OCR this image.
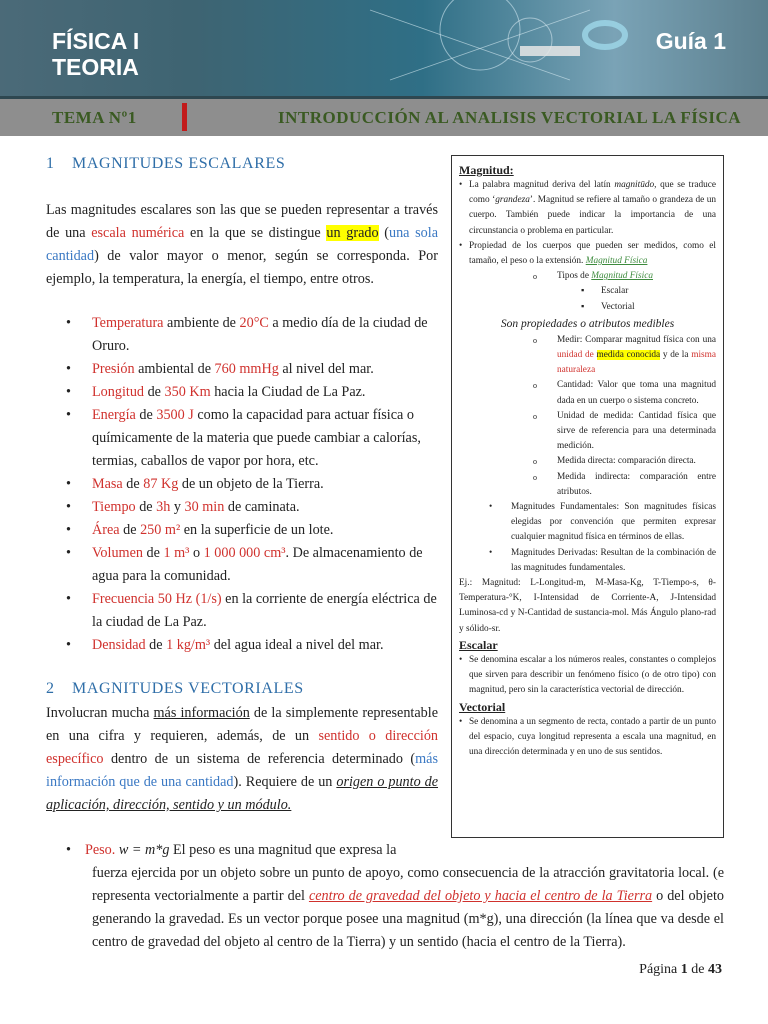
FÍSICA I
TEORIA
Guía 1
TEMA Nº1	INTRODUCCIÓN AL ANALISIS VECTORIAL LA FÍSICA
1 MAGNITUDES ESCALARES
Las magnitudes escalares son las que se pueden representar a través de una escala numérica en la que se distingue un grado (una sola cantidad) de valor mayor o menor, según se corresponda. Por ejemplo, la temperatura, la energía, el tiempo, entre otros.
• Temperatura ambiente de 20°C a medio día de la ciudad de Oruro.
• Presión ambiental de 760 mmHg al nivel del mar.
• Longitud de 350 Km hacia la Ciudad de La Paz.
• Energía de 3500 J como la capacidad para actuar física o químicamente de la materia que puede cambiar a calorías, termias, caballos de vapor por hora, etc.
• Masa de 87 Kg de un objeto de la Tierra.
• Tiempo de 3h y 30 min de caminata.
• Área de 250 m² en la superficie de un lote.
• Volumen de 1 m³ o 1 000 000 cm³. De almacenamiento de agua para la comunidad.
• Frecuencia 50 Hz (1/s) en la corriente de energía eléctrica de la ciudad de La Paz.
• Densidad de 1 kg/m³ del agua ideal a nivel del mar.
2 MAGNITUDES VECTORIALES
Involucran mucha más información de la simplemente representable en una cifra y requieren, además, de un sentido o dirección específico dentro de un sistema de referencia determinado (más información que de una cantidad). Requiere de un origen o punto de aplicación, dirección, sentido y un módulo.
• Peso. w = m*g El peso es una magnitud que expresa la
fuerza ejercida por un objeto sobre un punto de apoyo, como consecuencia de la atracción gravitatoria local. (e representa vectorialmente a partir del centro de gravedad del objeto y hacia el centro de la Tierra o del objeto generando la gravedad. Es un vector porque posee una magnitud (m*g), una dirección (la línea que va desde el centro de gravedad del objeto al centro de la Tierra) y un sentido (hacia el centro de la Tierra).
Magnitud:
• La palabra magnitud deriva del latín magnitūdo, que se traduce como ‘grandeza’. Magnitud se refiere al tamaño o grandeza de un cuerpo. También puede indicar la importancia de una circunstancia o problema en particular.
• Propiedad de los cuerpos que pueden ser medidos, como el tamaño, el peso o la extensión. Magnitud Física
o Tipos de Magnitud Física
▪ Escalar
▪ Vectorial
Son propiedades o atributos medibles
o Medir: Comparar magnitud física con una unidad de medida conocida y de la misma naturaleza
o Cantidad: Valor que toma una magnitud dada en un cuerpo o sistema concreto.
o Unidad de medida: Cantidad física que sirve de referencia para una determinada medición.
o Medida directa: comparación directa.
o Medida indirecta: comparación entre atributos.
• Magnitudes Fundamentales: Son magnitudes físicas elegidas por convención que permiten expresar cualquier magnitud física en términos de ellas.
• Magnitudes Derivadas: Resultan de la combinación de las magnitudes fundamentales.
Ej.: Magnitud: L-Longitud-m, M-Masa-Kg, T-Tiempo-s, θ-Temperatura-°K, I-Intensidad de Corriente-A, J-Intensidad Luminosa-cd y N-Cantidad de sustancia-mol. Más Ángulo plano-rad y sólido-sr.
Escalar
• Se denomina escalar a los números reales, constantes o complejos que sirven para describir un fenómeno físico (o de otro tipo) con magnitud, pero sin la característica vectorial de dirección.
Vectorial
• Se denomina a un segmento de recta, contado a partir de un punto del espacio, cuya longitud representa a escala una magnitud, en una dirección determinada y en uno de sus sentidos.
Página 1 de 43
